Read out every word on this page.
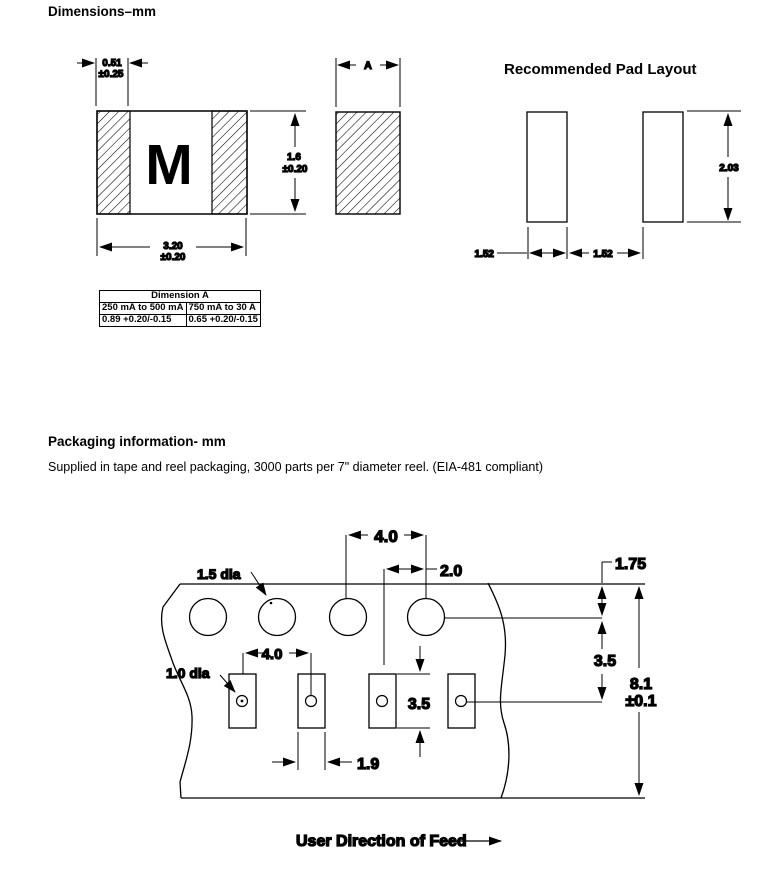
Dimensions–mm
Recommended Pad Layout
Packaging information- mm
Supplied in tape and reel packaging, 3000 parts per 7" diameter reel. (EIA-481 compliant)
Dimension A	
250 mA to 500 mA	750 mA to 30 A
0.89 +0.20/-0.15	0.65 +0.20/-0.15
M
0.51
±0.25
1.6
±0.20
3.20
±0.20
A
2.03
1.52	1.52
4.0
2.0
1.5 dia
1.0 dia
4.0
3.5
1.9
1.75
3.5
8.1
±0.1
User Direction of Feed
